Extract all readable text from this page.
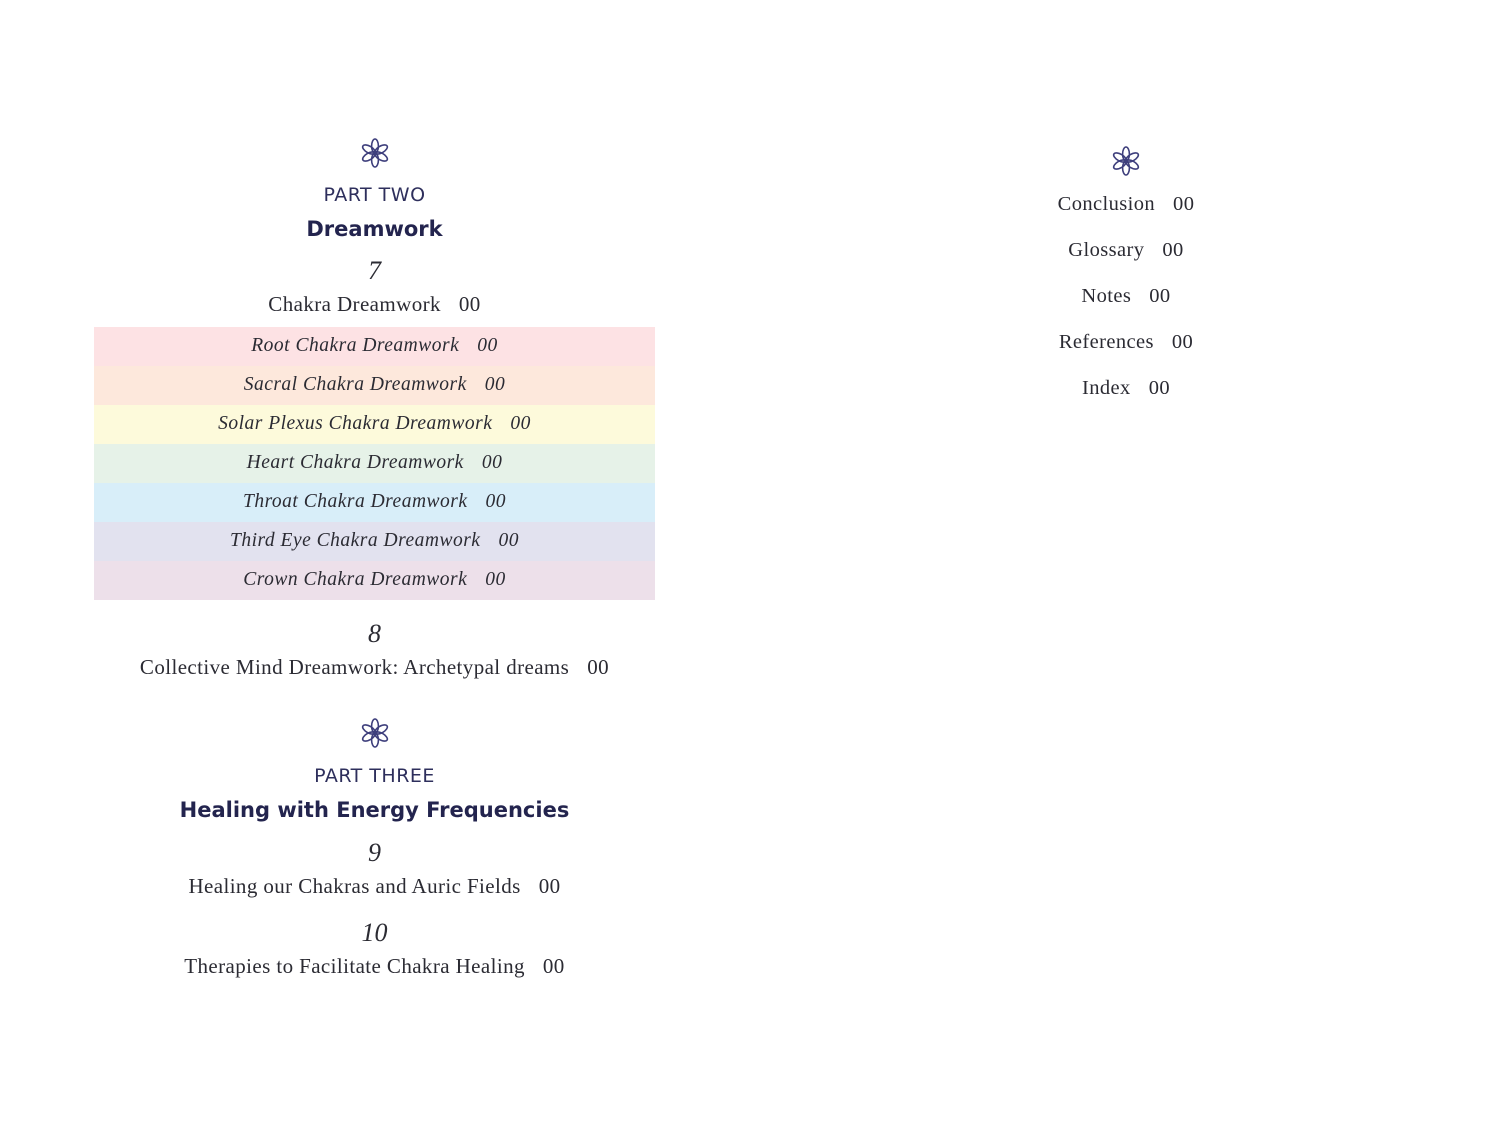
PART TWO
Dreamwork
7
Chakra Dreamwork 00
Root Chakra Dreamwork 00
Sacral Chakra Dreamwork 00
Solar Plexus Chakra Dreamwork 00
Heart Chakra Dreamwork 00
Throat Chakra Dreamwork 00
Third Eye Chakra Dreamwork 00
Crown Chakra Dreamwork 00
8
Collective Mind Dreamwork: Archetypal dreams 00
PART THREE
Healing with Energy Frequencies
9
Healing our Chakras and Auric Fields 00
10
Therapies to Facilitate Chakra Healing 00
Conclusion 00
Glossary 00
Notes 00
References 00
Index 00
